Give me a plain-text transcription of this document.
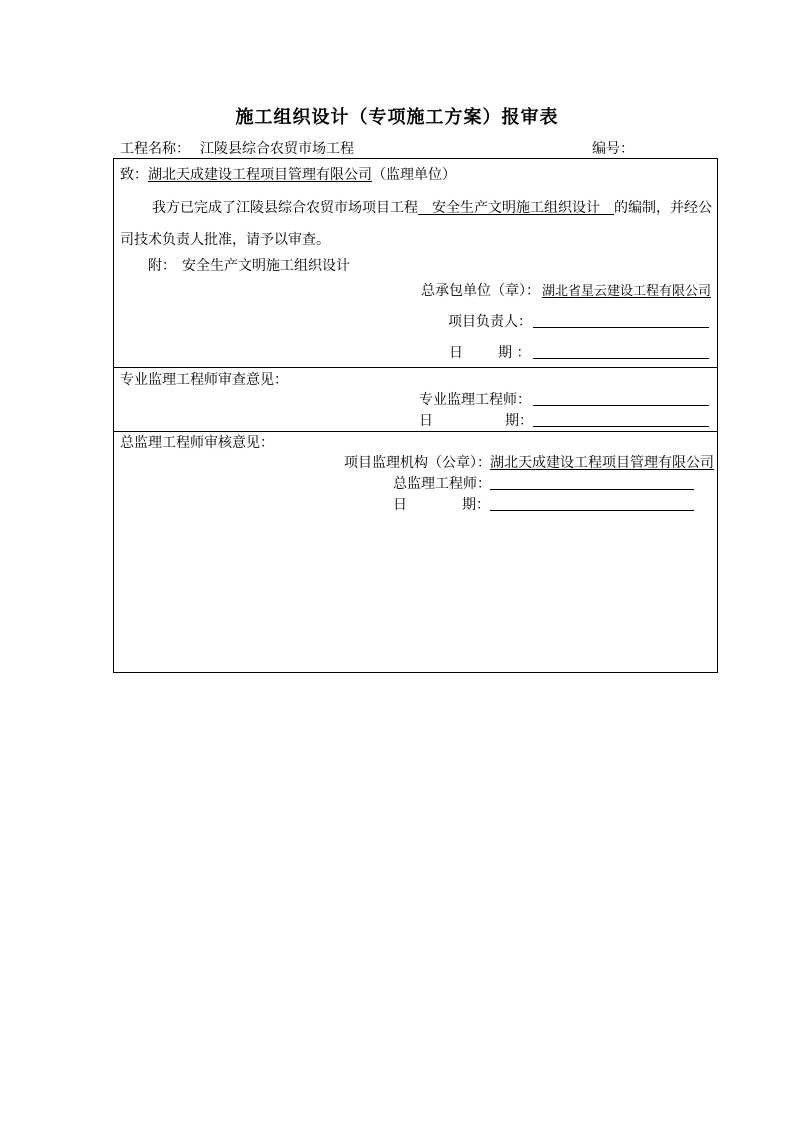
施工组织设计（专项施工方案）报审表
工程名称： 江陵县综合农贸市场工程	编号：
致：湖北天成建设工程项目管理有限公司（监理单位）
我方已完成了江陵县综合农贸市场项目工程　安全生产文明施工组织设计　的编制，并经公
司技术负责人批准，请予以审查。
附： 安全生产文明施工组织设计
总承包单位（章）： 湖北省星云建设工程有限公司
项目负责人：
日	期 ：
专业监理工程师审查意见：
专业监理工程师：
日	期：
总监理工程师审核意见：
项目监理机构（公章）： 湖北天成建设工程项目管理有限公司
总监理工程师：
日	期：
